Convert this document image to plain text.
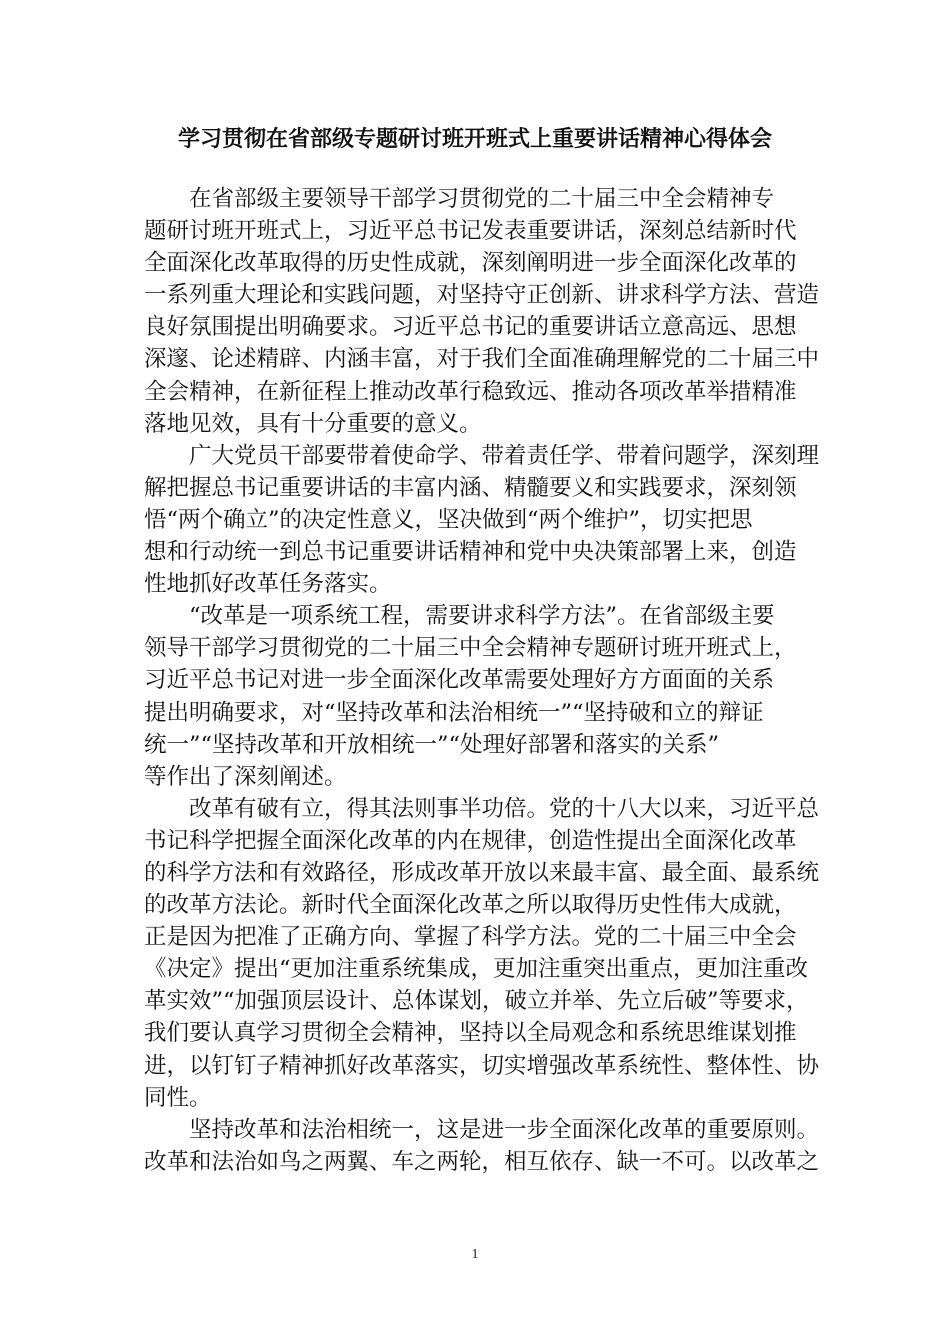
学习贯彻在省部级专题研讨班开班式上重要讲话精神心得体会
在省部级主要领导干部学习贯彻党的二十届三中全会精神专
题研讨班开班式上，习近平总书记发表重要讲话，深刻总结新时代
全面深化改革取得的历史性成就，深刻阐明进一步全面深化改革的
一系列重大理论和实践问题，对坚持守正创新、讲求科学方法、营造
良好氛围提出明确要求。习近平总书记的重要讲话立意高远、思想
深邃、论述精辟、内涵丰富，对于我们全面准确理解党的二十届三中
全会精神，在新征程上推动改革行稳致远、推动各项改革举措精准
落地见效，具有十分重要的意义。
广大党员干部要带着使命学、带着责任学、带着问题学，深刻理
解把握总书记重要讲话的丰富内涵、精髓要义和实践要求，深刻领
悟“两个确立”的决定性意义，坚决做到“两个维护”，切实把思
想和行动统一到总书记重要讲话精神和党中央决策部署上来，创造
性地抓好改革任务落实。
“改革是一项系统工程，需要讲求科学方法”。在省部级主要
领导干部学习贯彻党的二十届三中全会精神专题研讨班开班式上，
习近平总书记对进一步全面深化改革需要处理好方方面面的关系
提出明确要求，对“坚持改革和法治相统一”“坚持破和立的辩证
统一”“坚持改革和开放相统一”“处理好部署和落实的关系”
等作出了深刻阐述。
改革有破有立，得其法则事半功倍。党的十八大以来，习近平总
书记科学把握全面深化改革的内在规律，创造性提出全面深化改革
的科学方法和有效路径，形成改革开放以来最丰富、最全面、最系统
的改革方法论。新时代全面深化改革之所以取得历史性伟大成就，
正是因为把准了正确方向、掌握了科学方法。党的二十届三中全会
《决定》提出“更加注重系统集成，更加注重突出重点，更加注重改
革实效”“加强顶层设计、总体谋划，破立并举、先立后破”等要求，
我们要认真学习贯彻全会精神，坚持以全局观念和系统思维谋划推
进，以钉钉子精神抓好改革落实，切实增强改革系统性、整体性、协
同性。
坚持改革和法治相统一，这是进一步全面深化改革的重要原则。
改革和法治如鸟之两翼、车之两轮，相互依存、缺一不可。以改革之
1
